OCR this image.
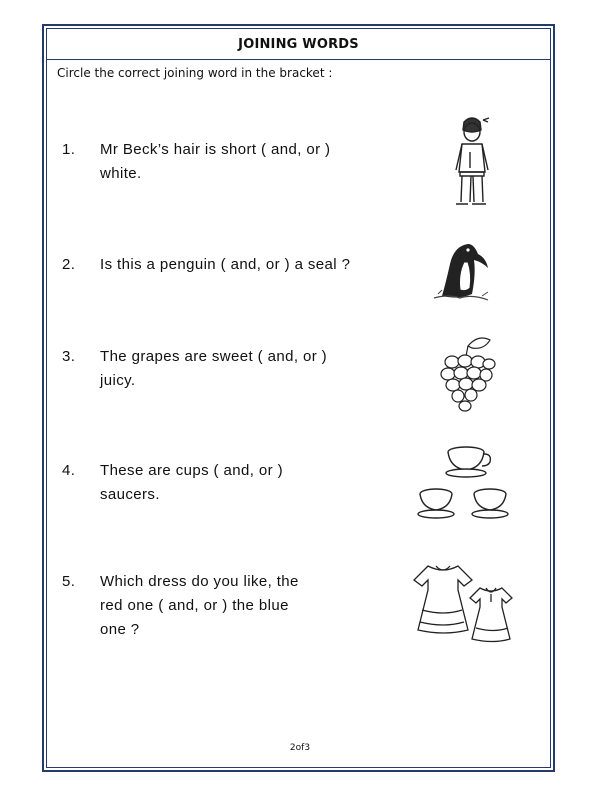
JOINING WORDS
Circle the correct joining word in the bracket :
1.	Mr Beck’s hair is short ( and, or )
white.
2.	Is this a penguin ( and, or ) a seal ?
3.	The grapes are sweet ( and, or )
juicy.
4.	These are cups ( and, or )
saucers.
5.	Which dress do you like, the
red one ( and, or ) the blue
one ?
2of3
